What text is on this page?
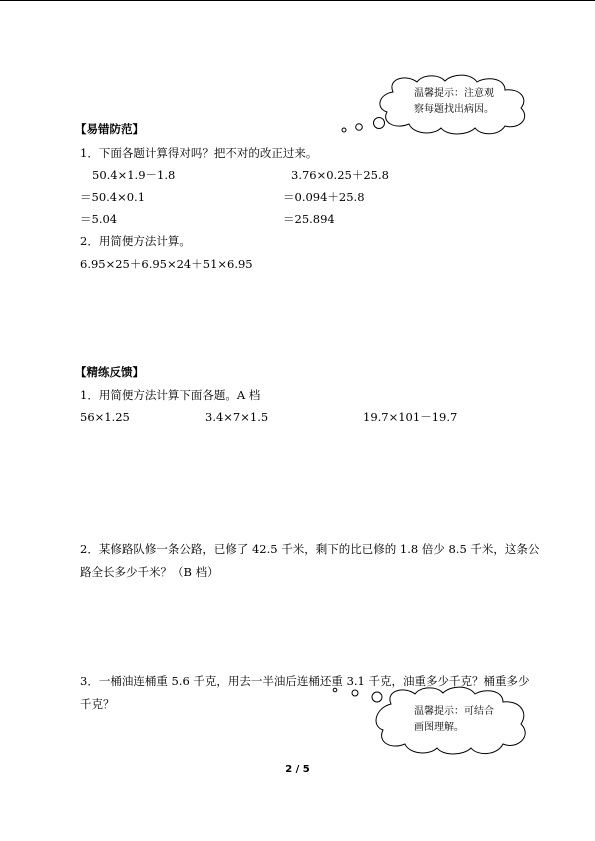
温馨提示：注意观
察每题找出病因。
【易错防范】
1．下面各题计算得对吗？把不对的改正过来。
50.4×1.9－1.8
＝50.4×0.1
＝5.04
3.76×0.25＋25.8
＝0.094＋25.8
＝25.894
2．用简便方法计算。
6.95×25＋6.95×24＋51×6.95
【精练反馈】
1．用简便方法计算下面各题。A 档
56×1.25	3.4×7×1.5	19.7×101－19.7
2．某修路队修一条公路，已修了 42.5 千米，剩下的比已修的 1.8 倍少 8.5 千米，这条公
路全长多少千米？（B 档）
3．一桶油连桶重 5.6 千克，用去一半油后连桶还重 3.1 千克，油重多少千克？桶重多少
千克？
温馨提示：可结合
画图理解。
2 / 5
